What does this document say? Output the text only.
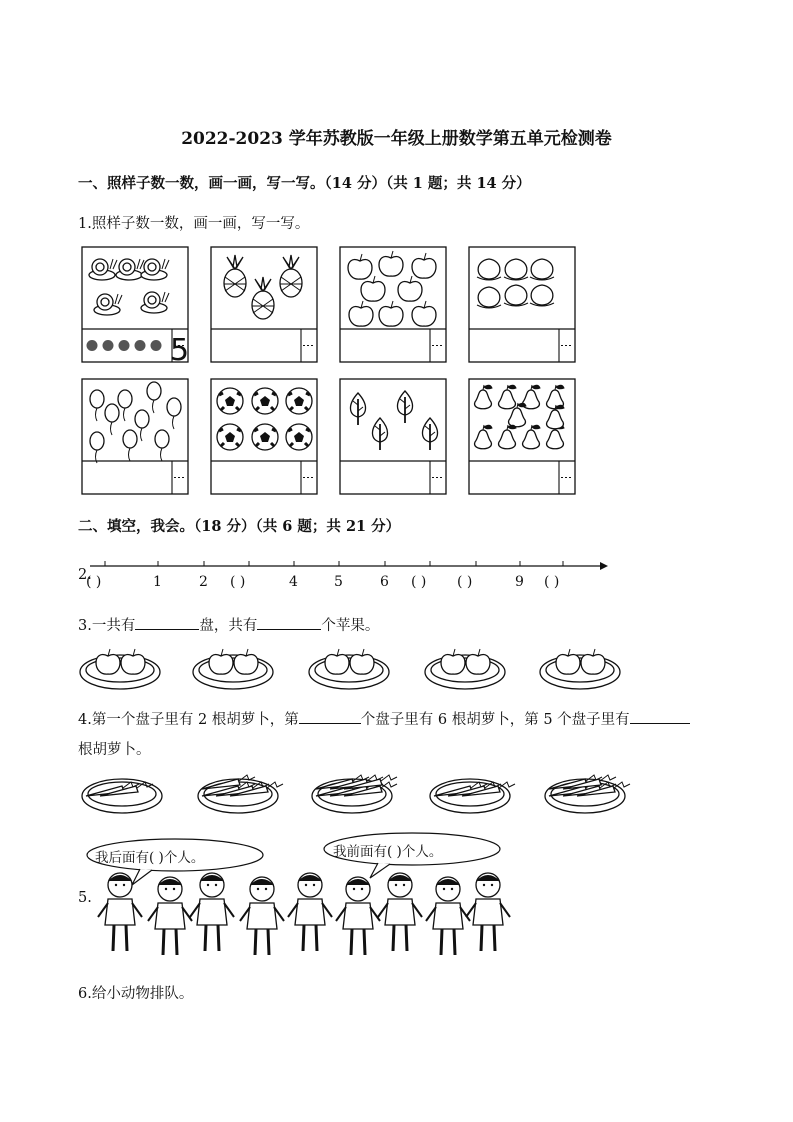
2022-2023 学年苏教版一年级上册数学第五单元检测卷
一、照样子数一数，画一画，写一写。（14 分）（共 1 题；共 14 分）
1.照样子数一数，画一画，写一写。
5
二、填空，我会。（18 分）（共 6 题；共 21 分）
2.
( )	1	2 ( )	4	5	6 ( ) ( )	9 ( )
3.一共有	盘，共有	个苹果。
4.第一个盘子里有 2 根胡萝卜，第	个盘子里有 6 根胡萝卜，第 5 个盘子里有
根胡萝卜。
5.
我后面有( )个人。	我前面有( )个人。
6.给小动物排队。
